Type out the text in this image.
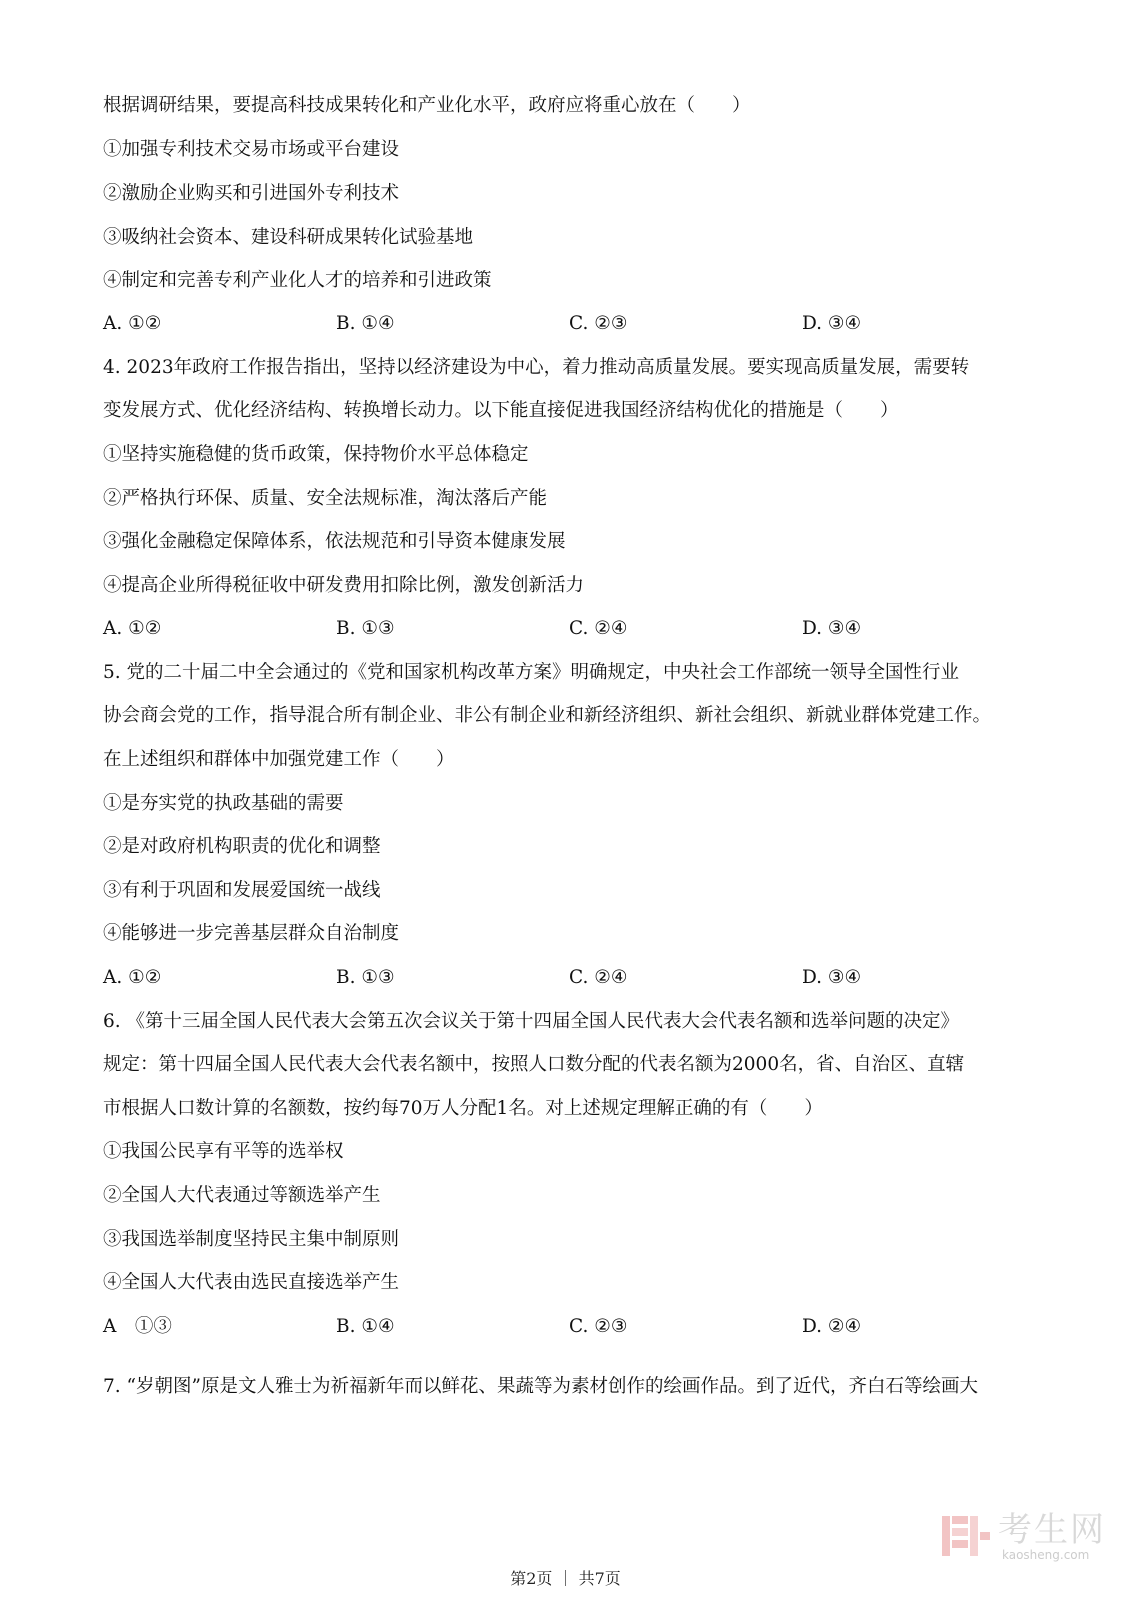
根据调研结果，要提高科技成果转化和产业化水平，政府应将重心放在（　　）
①加强专利技术交易市场或平台建设
②激励企业购买和引进国外专利技术
③吸纳社会资本、建设科研成果转化试验基地
④制定和完善专利产业化人才的培养和引进政策
A. ①②	B. ①④	C. ②③	D. ③④
4. 2023年政府工作报告指出，坚持以经济建设为中心，着力推动高质量发展。要实现高质量发展，需要转
变发展方式、优化经济结构、转换增长动力。以下能直接促进我国经济结构优化的措施是（　　）
①坚持实施稳健的货币政策，保持物价水平总体稳定
②严格执行环保、质量、安全法规标准，淘汰落后产能
③强化金融稳定保障体系，依法规范和引导资本健康发展
④提高企业所得税征收中研发费用扣除比例，激发创新活力
A. ①②	B. ①③	C. ②④	D. ③④
5. 党的二十届二中全会通过的《党和国家机构改革方案》明确规定，中央社会工作部统一领导全国性行业
协会商会党的工作，指导混合所有制企业、非公有制企业和新经济组织、新社会组织、新就业群体党建工作。
在上述组织和群体中加强党建工作（　　）
①是夯实党的执政基础的需要
②是对政府机构职责的优化和调整
③有利于巩固和发展爱国统一战线
④能够进一步完善基层群众自治制度
A. ①②	B. ①③	C. ②④	D. ③④
6. 《第十三届全国人民代表大会第五次会议关于第十四届全国人民代表大会代表名额和选举问题的决定》
规定：第十四届全国人民代表大会代表名额中，按照人口数分配的代表名额为2000名，省、自治区、直辖
市根据人口数计算的名额数，按约每70万人分配1名。对上述规定理解正确的有（　　）
①我国公民享有平等的选举权
②全国人大代表通过等额选举产生
③我国选举制度坚持民主集中制原则
④全国人大代表由选民直接选举产生
A　①③	B. ①④	C. ②③	D. ②④
7. “岁朝图”原是文人雅士为祈福新年而以鲜花、果蔬等为素材创作的绘画作品。到了近代，齐白石等绘画大
考生网
kaosheng.com
第2页 ｜ 共7页
